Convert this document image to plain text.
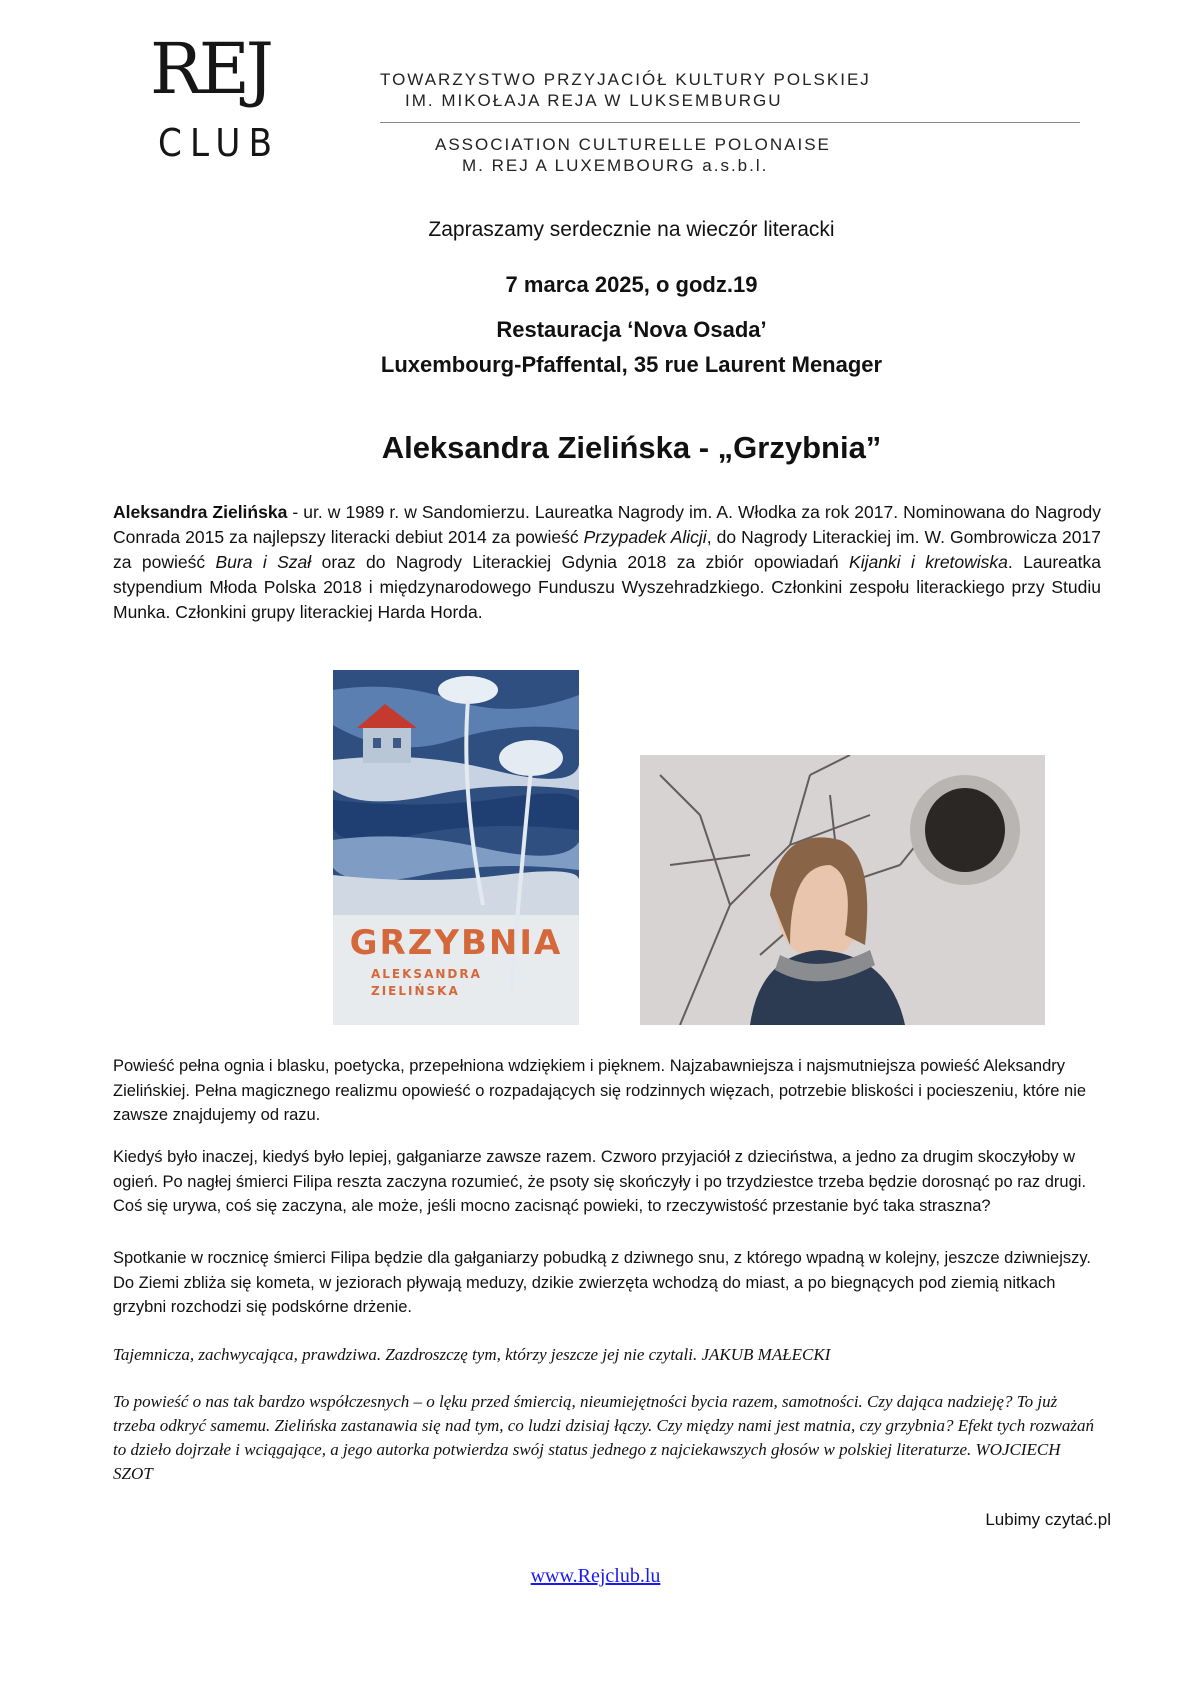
REJ
CLUB
TOWARZYSTWO PRZYJACIÓŁ KULTURY POLSKIEJ
IM. MIKOŁAJA REJA W LUKSEMBURGU
ASSOCIATION CULTURELLE POLONAISE
M. REJ A LUXEMBOURG a.s.b.l.
Zapraszamy serdecznie na wieczór literacki
7 marca 2025, o godz.19
Restauracja ‘Nova Osada’
Luxembourg-Pfaffental, 35 rue Laurent Menager
Aleksandra Zielińska - „Grzybnia”
Aleksandra Zielińska - ur. w 1989 r. w Sandomierzu. Laureatka Nagrody im. A. Włodka za rok 2017. Nominowana do Nagrody Conrada 2015 za najlepszy literacki debiut 2014 za powieść Przypadek Alicji, do Nagrody Literackiej im. W. Gombrowicza 2017 za powieść Bura i Szał oraz do Nagrody Literackiej Gdynia 2018 za zbiór opowiadań Kijanki i kretowiska. Laureatka stypendium Młoda Polska 2018 i międzynarodowego Funduszu Wyszehradzkiego. Członkini zespołu literackiego przy Studiu Munka. Członkini grupy literackiej Harda Horda.
GRZYBNIA
ALEKSANDRA
ZIELIŃSKA
Powieść pełna ognia i blasku, poetycka, przepełniona wdziękiem i pięknem. Najzabawniejsza i najsmutniejsza powieść Aleksandry Zielińskiej. Pełna magicznego realizmu opowieść o rozpadających się rodzinnych więzach, potrzebie bliskości i pocieszeniu, które nie zawsze znajdujemy od razu.
Kiedyś było inaczej, kiedyś było lepiej, gałganiarze zawsze razem. Czworo przyjaciół z dzieciństwa, a jedno za drugim skoczyłoby w ogień. Po nagłej śmierci Filipa reszta zaczyna rozumieć, że psoty się skończyły i po trzydziestce trzeba będzie dorosnąć po raz drugi. Coś się urywa, coś się zaczyna, ale może, jeśli mocno zacisnąć powieki, to rzeczywistość przestanie być taka straszna?
Spotkanie w rocznicę śmierci Filipa będzie dla gałganiarzy pobudką z dziwnego snu, z którego wpadną w kolejny, jeszcze dziwniejszy. Do Ziemi zbliża się kometa, w jeziorach pływają meduzy, dzikie zwierzęta wchodzą do miast, a po biegnących pod ziemią nitkach grzybni rozchodzi się podskórne drżenie.
Tajemnicza, zachwycająca, prawdziwa. Zazdroszczę tym, którzy jeszcze jej nie czytali. JAKUB MAŁECKI
To powieść o nas tak bardzo współczesnych – o lęku przed śmiercią, nieumiejętności bycia razem, samotności. Czy dająca nadzieję? To już trzeba odkryć samemu. Zielińska zastanawia się nad tym, co ludzi dzisiaj łączy. Czy między nami jest matnia, czy grzybnia? Efekt tych rozważań to dzieło dojrzałe i wciągające, a jego autorka potwierdza swój status jednego z najciekawszych głosów w polskiej literaturze. WOJCIECH SZOT
Lubimy czytać.pl
www.Rejclub.lu
